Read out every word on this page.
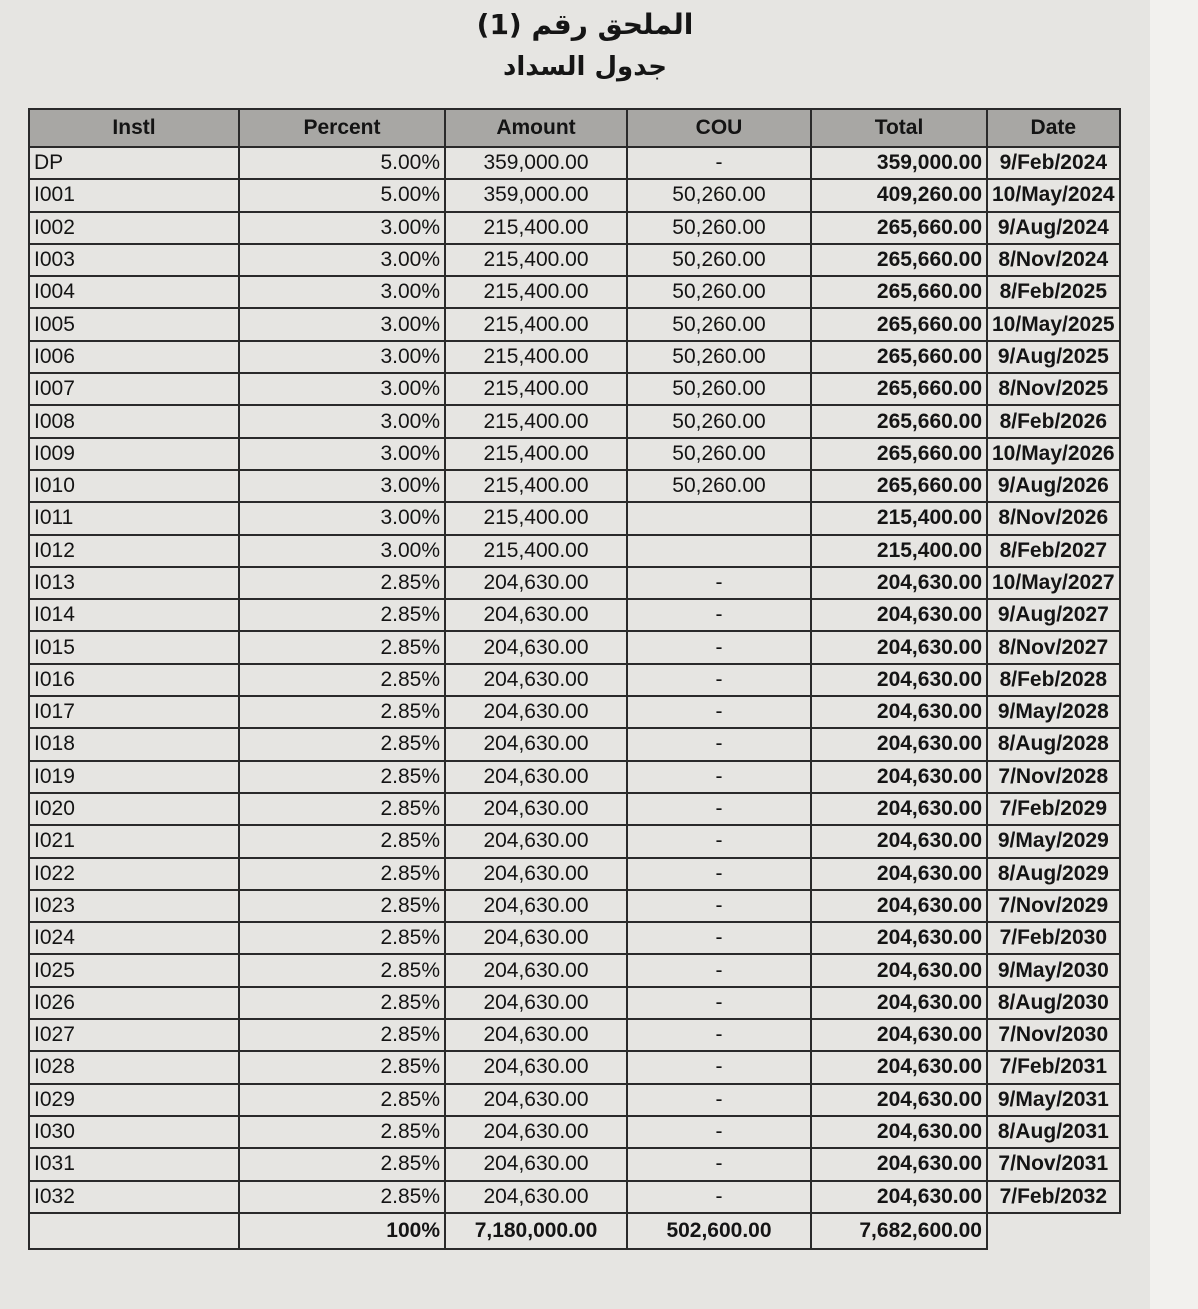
الملحق رقم (1)
جدول السداد
Instl	Percent	Amount	COU	Total	Date
DP	5.00%	359,000.00	-	359,000.00	9/Feb/2024
I001	5.00%	359,000.00	50,260.00	409,260.00	10/May/2024
I002	3.00%	215,400.00	50,260.00	265,660.00	9/Aug/2024
I003	3.00%	215,400.00	50,260.00	265,660.00	8/Nov/2024
I004	3.00%	215,400.00	50,260.00	265,660.00	8/Feb/2025
I005	3.00%	215,400.00	50,260.00	265,660.00	10/May/2025
I006	3.00%	215,400.00	50,260.00	265,660.00	9/Aug/2025
I007	3.00%	215,400.00	50,260.00	265,660.00	8/Nov/2025
I008	3.00%	215,400.00	50,260.00	265,660.00	8/Feb/2026
I009	3.00%	215,400.00	50,260.00	265,660.00	10/May/2026
I010	3.00%	215,400.00	50,260.00	265,660.00	9/Aug/2026
I011	3.00%	215,400.00		215,400.00	8/Nov/2026
I012	3.00%	215,400.00		215,400.00	8/Feb/2027
I013	2.85%	204,630.00	-	204,630.00	10/May/2027
I014	2.85%	204,630.00	-	204,630.00	9/Aug/2027
I015	2.85%	204,630.00	-	204,630.00	8/Nov/2027
I016	2.85%	204,630.00	-	204,630.00	8/Feb/2028
I017	2.85%	204,630.00	-	204,630.00	9/May/2028
I018	2.85%	204,630.00	-	204,630.00	8/Aug/2028
I019	2.85%	204,630.00	-	204,630.00	7/Nov/2028
I020	2.85%	204,630.00	-	204,630.00	7/Feb/2029
I021	2.85%	204,630.00	-	204,630.00	9/May/2029
I022	2.85%	204,630.00	-	204,630.00	8/Aug/2029
I023	2.85%	204,630.00	-	204,630.00	7/Nov/2029
I024	2.85%	204,630.00	-	204,630.00	7/Feb/2030
I025	2.85%	204,630.00	-	204,630.00	9/May/2030
I026	2.85%	204,630.00	-	204,630.00	8/Aug/2030
I027	2.85%	204,630.00	-	204,630.00	7/Nov/2030
I028	2.85%	204,630.00	-	204,630.00	7/Feb/2031
I029	2.85%	204,630.00	-	204,630.00	9/May/2031
I030	2.85%	204,630.00	-	204,630.00	8/Aug/2031
I031	2.85%	204,630.00	-	204,630.00	7/Nov/2031
I032	2.85%	204,630.00	-	204,630.00	7/Feb/2032
	100%	7,180,000.00	502,600.00	7,682,600.00	
